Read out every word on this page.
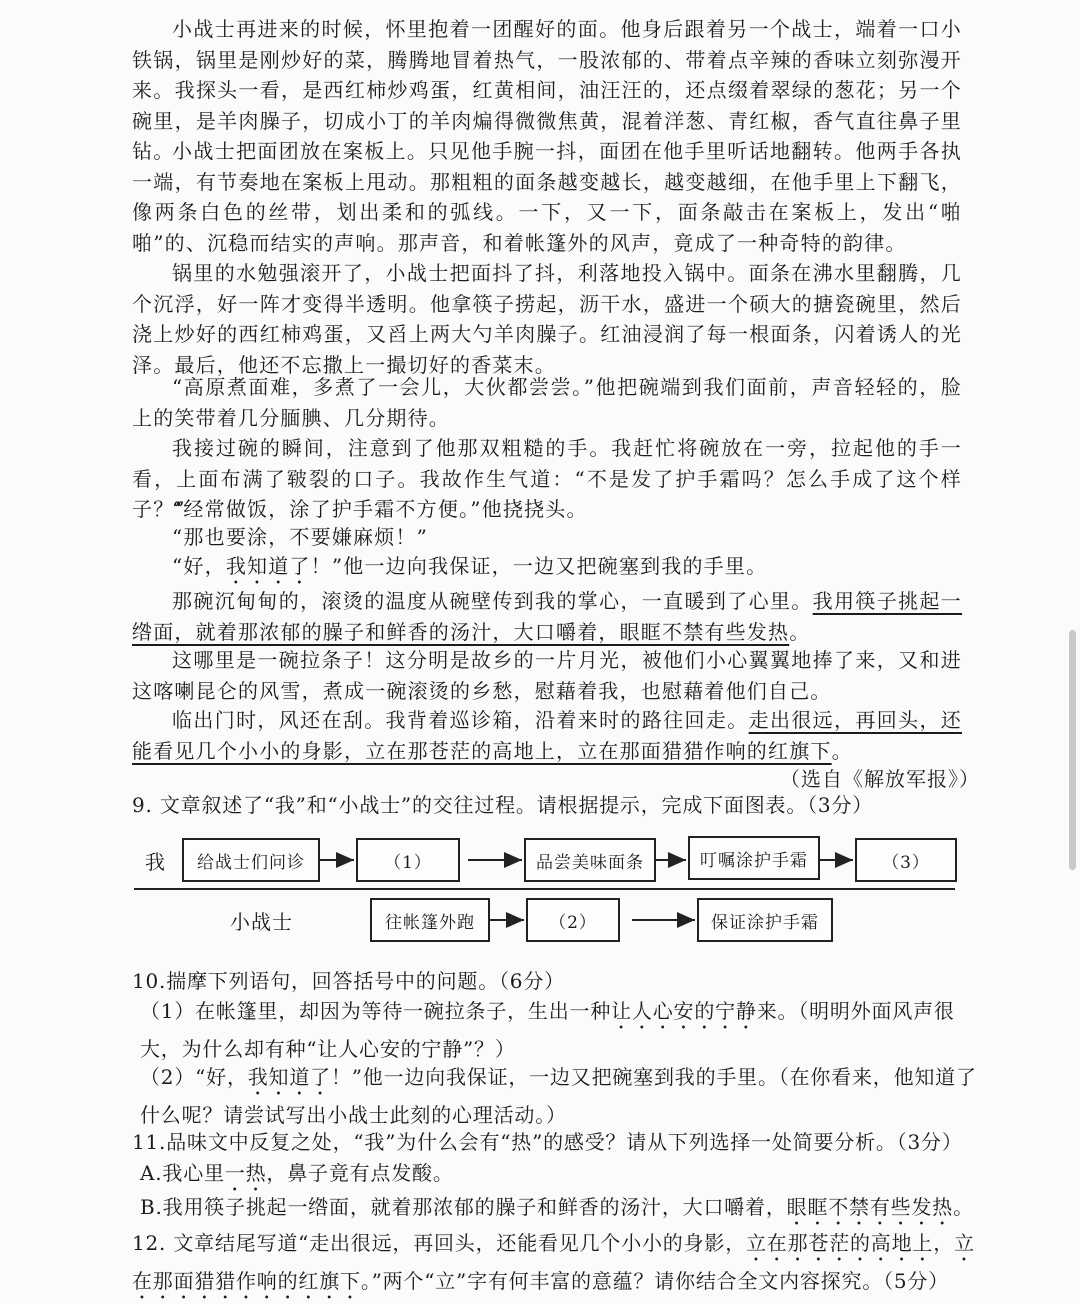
小战士再进来的时候，怀里抱着一团醒好的面。他身后跟着另一个战士，端着一口小铁锅，锅里是刚炒好的菜，腾腾地冒着热气，一股浓郁的、带着点辛辣的香味立刻弥漫开来。我探头一看，是西红柿炒鸡蛋，红黄相间，油汪汪的，还点缀着翠绿的葱花；另一个碗里，是羊肉臊子，切成小丁的羊肉煸得微微焦黄，混着洋葱、青红椒，香气直往鼻子里钻。

小战士把面团放在案板上。只见他手腕一抖，面团在他手里听话地翻转。他两手各执一端，有节奏地在案板上甩动。那粗粗的面条越变越长，越变越细，在他手里上下翻飞，像两条白色的丝带，划出柔和的弧线。一下，又一下，面条敲击在案板上，发出“啪啪”的、沉稳而结实的声响。那声音，和着帐篷外的风声，竟成了一种奇特的韵律。

锅里的水勉强滚开了，小战士把面抖了抖，利落地投入锅中。面条在沸水里翻腾，几个沉浮，好一阵才变得半透明。他拿筷子捞起，沥干水，盛进一个硕大的搪瓷碗里，然后浇上炒好的西红柿鸡蛋，又舀上两大勺羊肉臊子。红油浸润了每一根面条，闪着诱人的光泽。最后，他还不忘撒上一撮切好的香菜末。

“高原煮面难，多煮了一会儿，大伙都尝尝。”他把碗端到我们面前，声音轻轻的，脸上的笑带着几分腼腆、几分期待。

我接过碗的瞬间，注意到了他那双粗糙的手。我赶忙将碗放在一旁，拉起他的手一看，上面布满了皲裂的口子。我故作生气道：“不是发了护手霜吗？怎么手成了这个样子？”

“经常做饭，涂了护手霜不方便。”他挠挠头。

“那也要涂，不要嫌麻烦！”

“好，我知道了！”他一边向我保证，一边又把碗塞到我的手里。

那碗沉甸甸的，滚烫的温度从碗壁传到我的掌心，一直暖到了心里。我用筷子挑起一绺面，就着那浓郁的臊子和鲜香的汤汁，大口嚼着，眼眶不禁有些发热。

这哪里是一碗拉条子！这分明是故乡的一片月光，被他们小心翼翼地捧了来，又和进这喀喇昆仑的风雪，煮成一碗滚烫的乡愁，慰藉着我，也慰藉着他们自己。

临出门时，风还在刮。我背着巡诊箱，沿着来时的路往回走。走出很远，再回头，还能看见几个小小的身影，立在那苍茫的高地上，立在那面猎猎作响的红旗下。

（选自《解放军报》）

9. 文章叙述了“我”和“小战士”的交往过程。请根据提示，完成下面图表。（3分）

我
小战士
给战士们问诊	（1）	品尝美味面条	叮嘱涂护手霜	（3）
往帐篷外跑	（2）	保证涂护手霜

10.揣摩下列语句，回答括号中的问题。（6分）

（1）在帐篷里，却因为等待一碗拉条子，生出一种让人心安的宁静来。（明明外面风声很大，为什么却有种“让人心安的宁静”？）

（2）“好，我知道了！”他一边向我保证，一边又把碗塞到我的手里。（在你看来，他知道了什么呢？请尝试写出小战士此刻的心理活动。）

11.品味文中反复之处，“我”为什么会有“热”的感受？请从下列选择一处简要分析。（3分）

A.我心里一热，鼻子竟有点发酸。

B.我用筷子挑起一绺面，就着那浓郁的臊子和鲜香的汤汁，大口嚼着，眼眶不禁有些发热。

12. 文章结尾写道“走出很远，再回头，还能看见几个小小的身影，立在那苍茫的高地上，立在那面猎猎作响的红旗下。”两个“立”字有何丰富的意蕴？请你结合全文内容探究。（5分）
